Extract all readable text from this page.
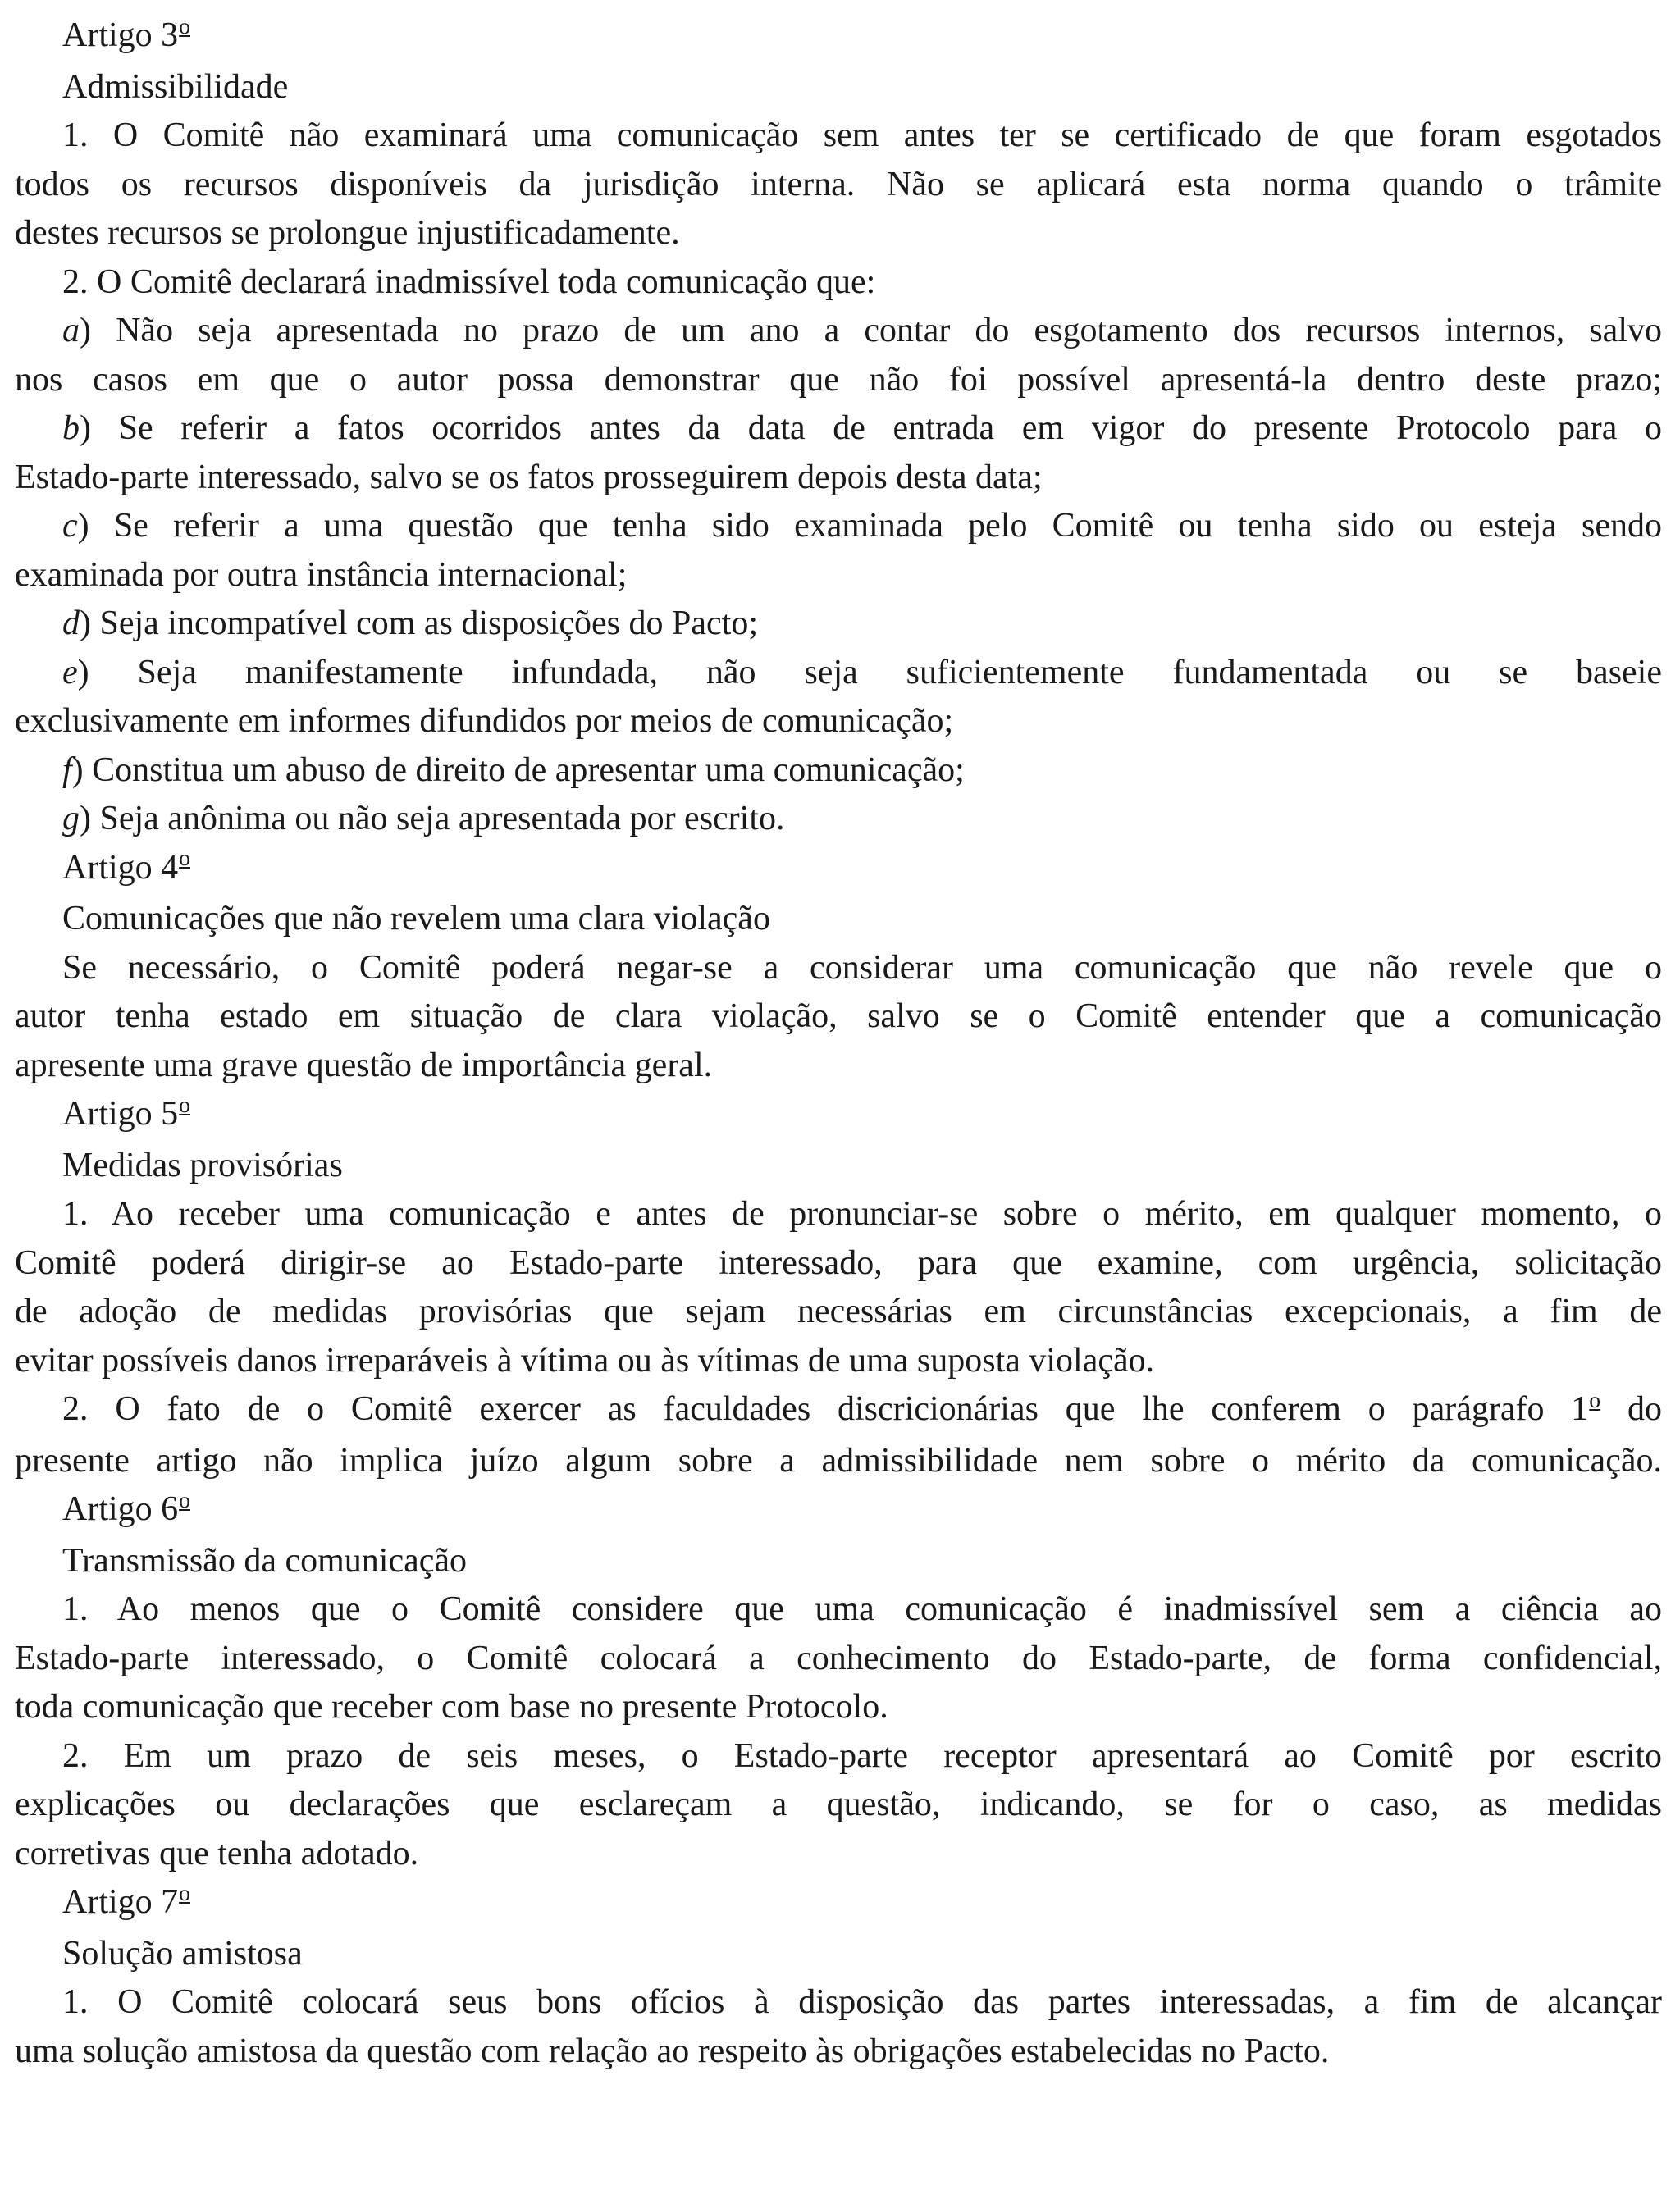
Artigo 3$^o$

Admissibilidade

1. O Comitê não examinará uma comunicação sem antes ter se certificado de que foram esgotados

todos os recursos disponíveis da jurisdição interna. Não se aplicará esta norma quando o trâmite

destes recursos se prolongue injustificadamente.

2. O Comitê declarará inadmissível toda comunicação que:

a) Não seja apresentada no prazo de um ano a contar do esgotamento dos recursos internos, salvo

nos casos em que o autor possa demonstrar que não foi possível apresentá-la dentro deste prazo;

b) Se referir a fatos ocorridos antes da data de entrada em vigor do presente Protocolo para o

Estado-parte interessado, salvo se os fatos prosseguirem depois desta data;

c) Se referir a uma questão que tenha sido examinada pelo Comitê ou tenha sido ou esteja sendo

examinada por outra instância internacional;

d) Seja incompatível com as disposições do Pacto;

e) Seja manifestamente infundada, não seja suficientemente fundamentada ou se baseie

exclusivamente em informes difundidos por meios de comunicação;

f) Constitua um abuso de direito de apresentar uma comunicação;

g) Seja anônima ou não seja apresentada por escrito.

Artigo 4$^o$

Comunicações que não revelem uma clara violação

Se necessário, o Comitê poderá negar-se a considerar uma comunicação que não revele que o

autor tenha estado em situação de clara violação, salvo se o Comitê entender que a comunicação

apresente uma grave questão de importância geral.

Artigo 5$^o$

Medidas provisórias

1. Ao receber uma comunicação e antes de pronunciar-se sobre o mérito, em qualquer momento, o

Comitê poderá dirigir-se ao Estado-parte interessado, para que examine, com urgência, solicitação

de adoção de medidas provisórias que sejam necessárias em circunstâncias excepcionais, a fim de

evitar possíveis danos irreparáveis à vítima ou às vítimas de uma suposta violação.

2. O fato de o Comitê exercer as faculdades discricionárias que lhe conferem o parágrafo 1$^o$ do

presente artigo não implica juízo algum sobre a admissibilidade nem sobre o mérito da comunicação.

Artigo 6$^o$

Transmissão da comunicação

1. Ao menos que o Comitê considere que uma comunicação é inadmissível sem a ciência ao

Estado-parte interessado, o Comitê colocará a conhecimento do Estado-parte, de forma confidencial,

toda comunicação que receber com base no presente Protocolo.

2. Em um prazo de seis meses, o Estado-parte receptor apresentará ao Comitê por escrito

explicações ou declarações que esclareçam a questão, indicando, se for o caso, as medidas

corretivas que tenha adotado.

Artigo 7$^o$

Solução amistosa

1. O Comitê colocará seus bons ofícios à disposição das partes interessadas, a fim de alcançar

uma solução amistosa da questão com relação ao respeito às obrigações estabelecidas no Pacto.
